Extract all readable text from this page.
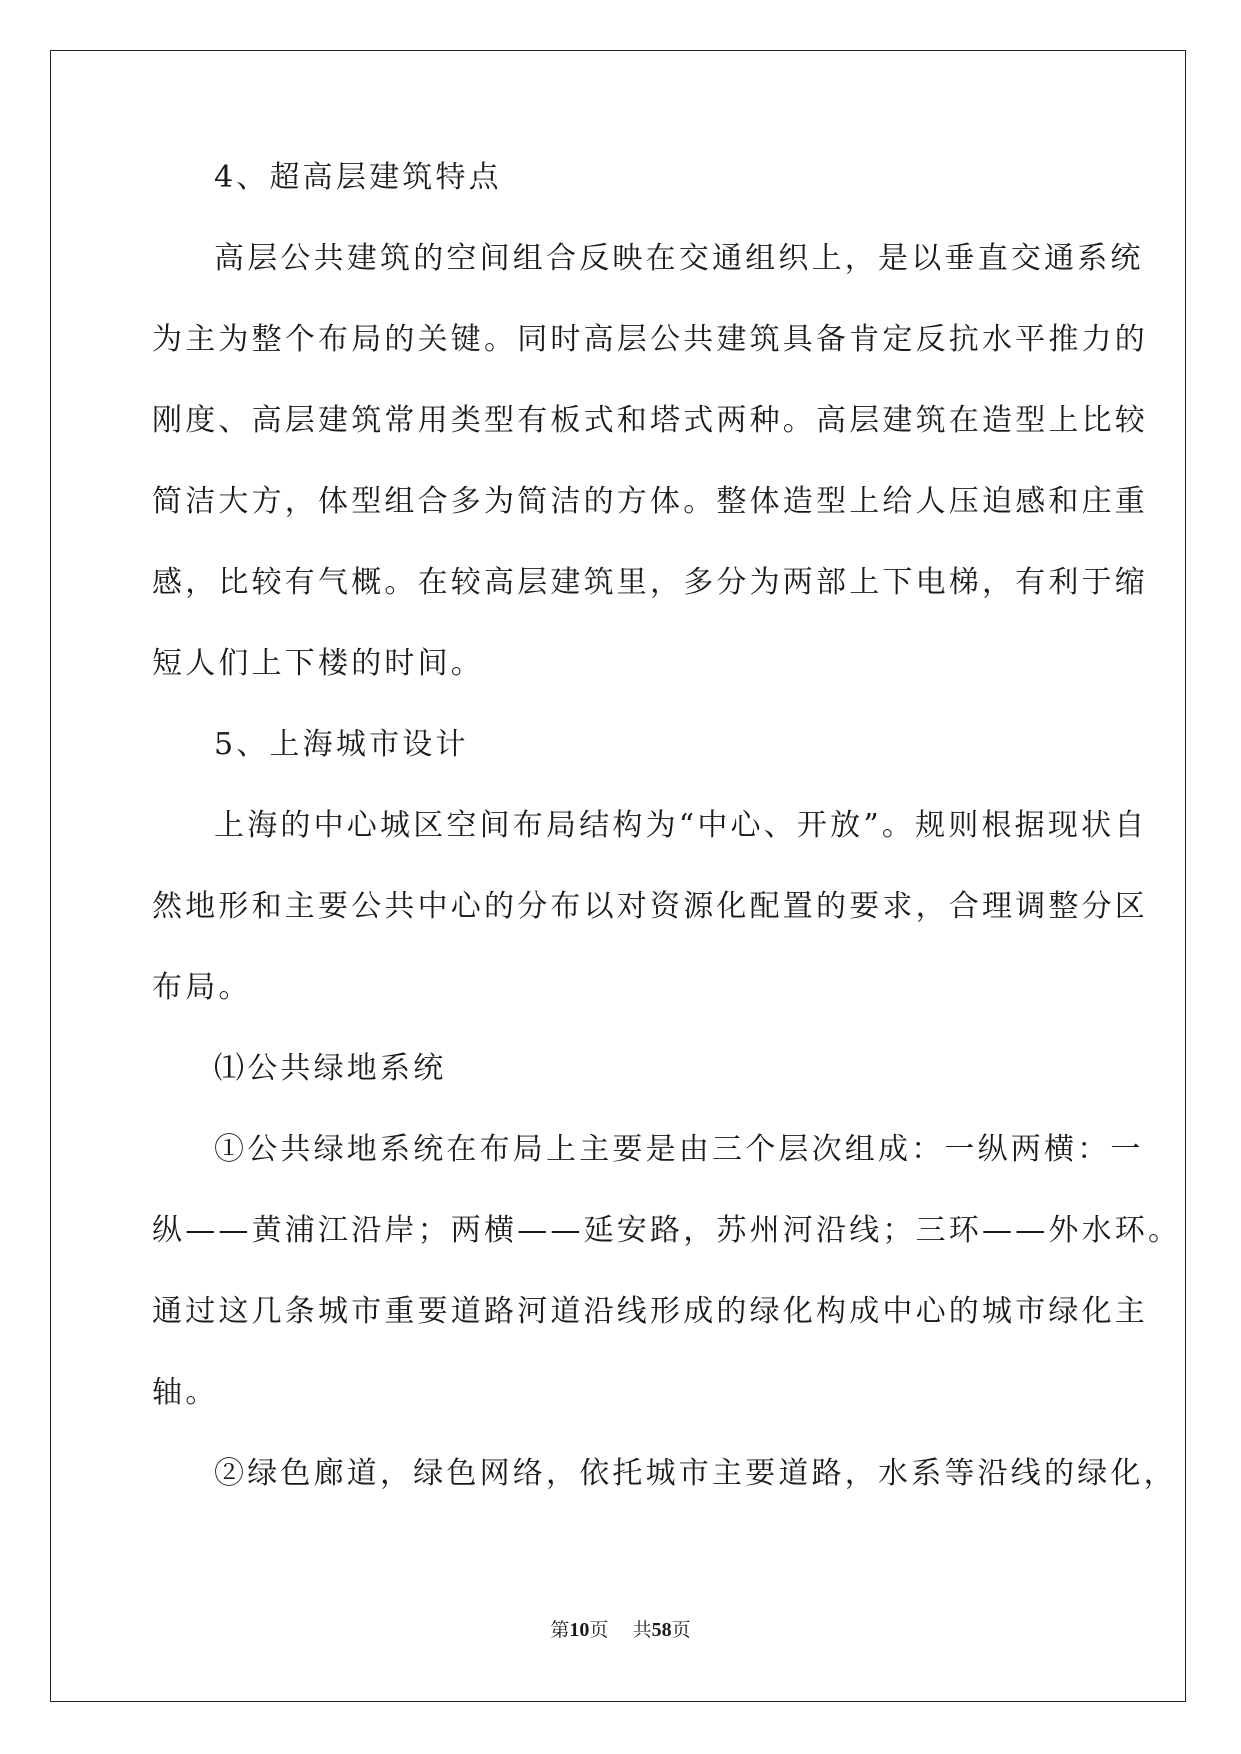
4、超高层建筑特点
高层公共建筑的空间组合反映在交通组织上，是以垂直交通系统
为主为整个布局的关键。同时高层公共建筑具备肯定反抗水平推力的
刚度、高层建筑常用类型有板式和塔式两种。高层建筑在造型上比较
简洁大方，体型组合多为简洁的方体。整体造型上给人压迫感和庄重
感，比较有气概。在较高层建筑里，多分为两部上下电梯，有利于缩
短人们上下楼的时间。
5、上海城市设计
上海的中心城区空间布局结构为“中心、开放”。规则根据现状自
然地形和主要公共中心的分布以对资源化配置的要求，合理调整分区
布局。
⑴公共绿地系统
①公共绿地系统在布局上主要是由三个层次组成：一纵两横：一
纵——黄浦江沿岸；两横——延安路，苏州河沿线；三环——外水环。
通过这几条城市重要道路河道沿线形成的绿化构成中心的城市绿化主
轴。
②绿色廊道，绿色网络，依托城市主要道路，水系等沿线的绿化，
第10页    共58页
